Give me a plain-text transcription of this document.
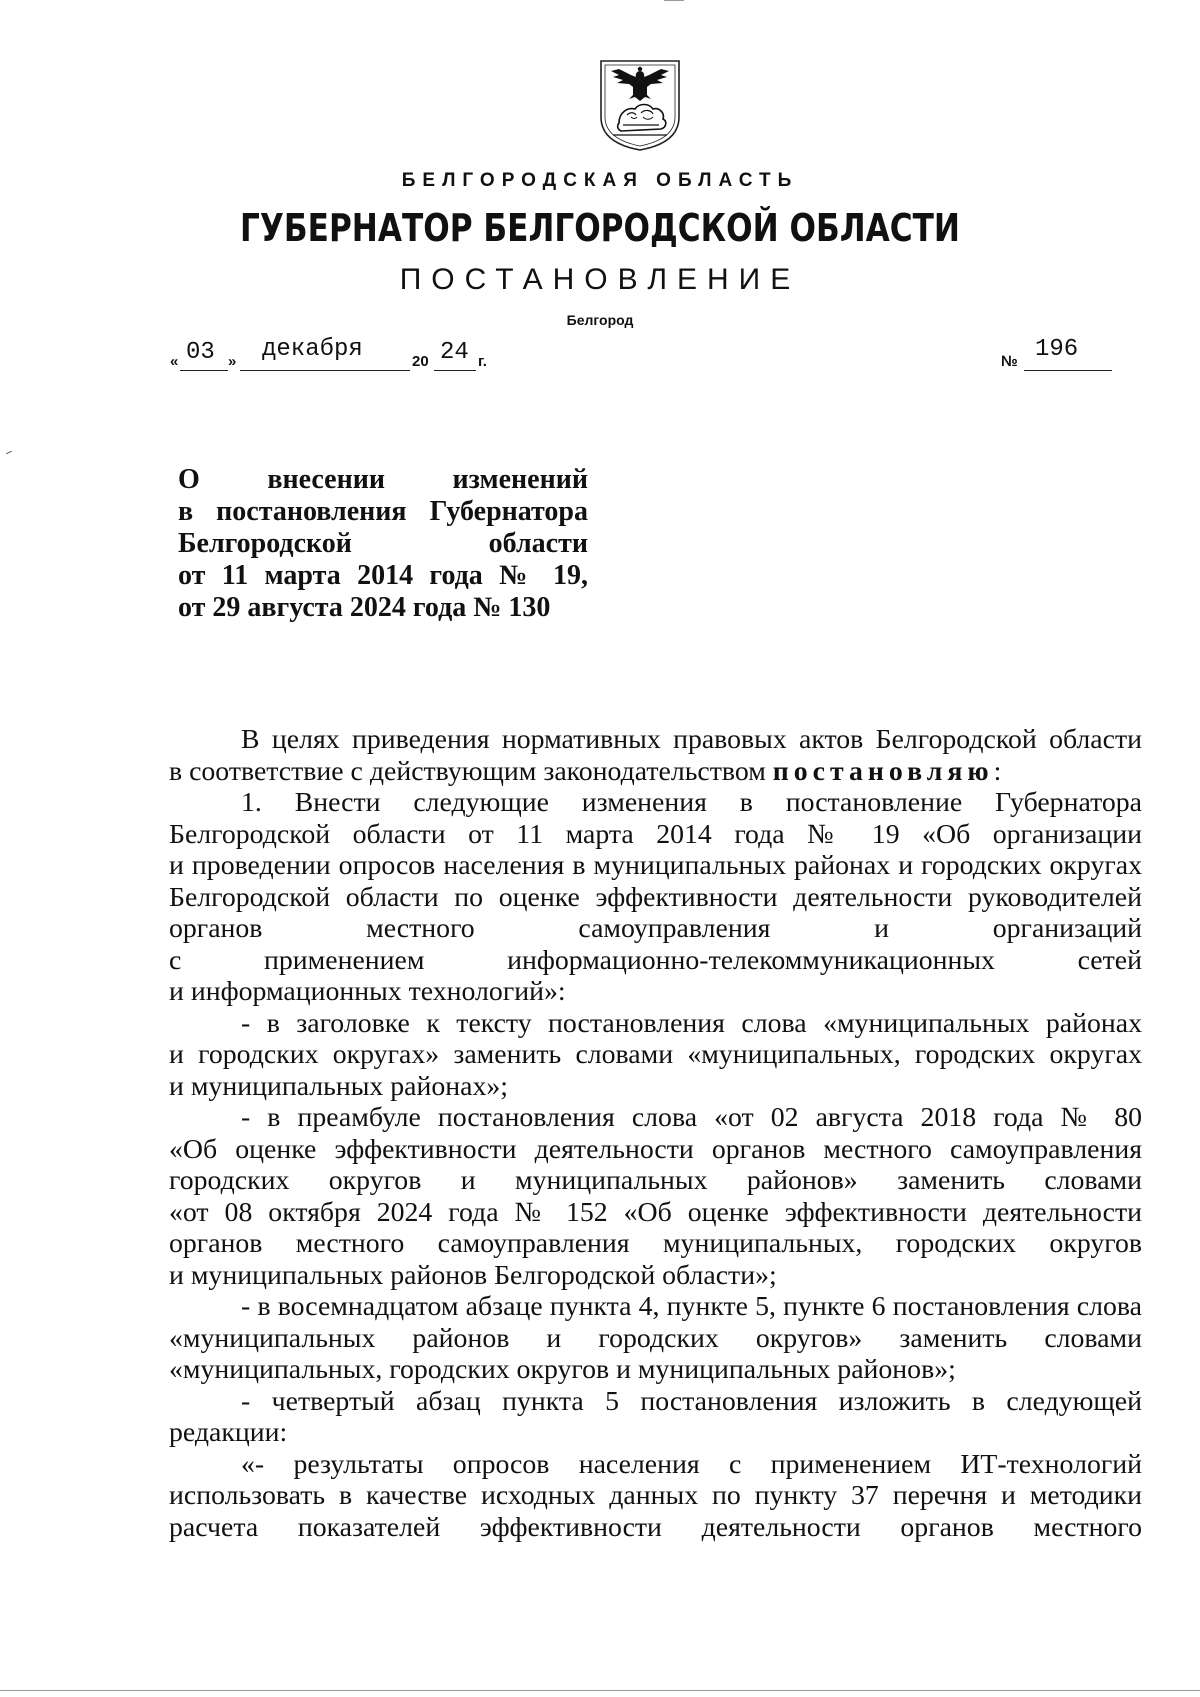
БЕЛГОРОДСКАЯ ОБЛАСТЬ
ГУБЕРНАТОР БЕЛГОРОДСКОЙ ОБЛАСТИ
ПОСТАНОВЛЕНИЕ
Белгород
« 03 » декабря	20 24 г.	№ 196
О внесении изменений
в постановления Губернатора
Белгородской области
от 11 марта 2014 года № 19,
от 29 августа 2024 года № 130
В целях приведения нормативных правовых актов Белгородской области
в соответствие с действующим законодательством постановляю:
1. Внести следующие изменения в постановление Губернатора
Белгородской области от 11 марта 2014 года № 19 «Об организации
и проведении опросов населения в муниципальных районах и городских округах
Белгородской области по оценке эффективности деятельности руководителей
органов местного самоуправления и организаций
с применением информационно-телекоммуникационных сетей
и информационных технологий»:
- в заголовке к тексту постановления слова «муниципальных районах
и городских округах» заменить словами «муниципальных, городских округах
и муниципальных районах»;
- в преамбуле постановления слова «от 02 августа 2018 года № 80
«Об оценке эффективности деятельности органов местного самоуправления
городских округов и муниципальных районов» заменить словами
«от 08 октября 2024 года № 152 «Об оценке эффективности деятельности
органов местного самоуправления муниципальных, городских округов
и муниципальных районов Белгородской области»;
- в восемнадцатом абзаце пункта 4, пункте 5, пункте 6 постановления слова
«муниципальных районов и городских округов» заменить словами
«муниципальных, городских округов и муниципальных районов»;
- четвертый абзац пункта 5 постановления изложить в следующей
редакции:
«- результаты опросов населения с применением ИТ-технологий
использовать в качестве исходных данных по пункту 37 перечня и методики
расчета показателей эффективности деятельности органов местного
